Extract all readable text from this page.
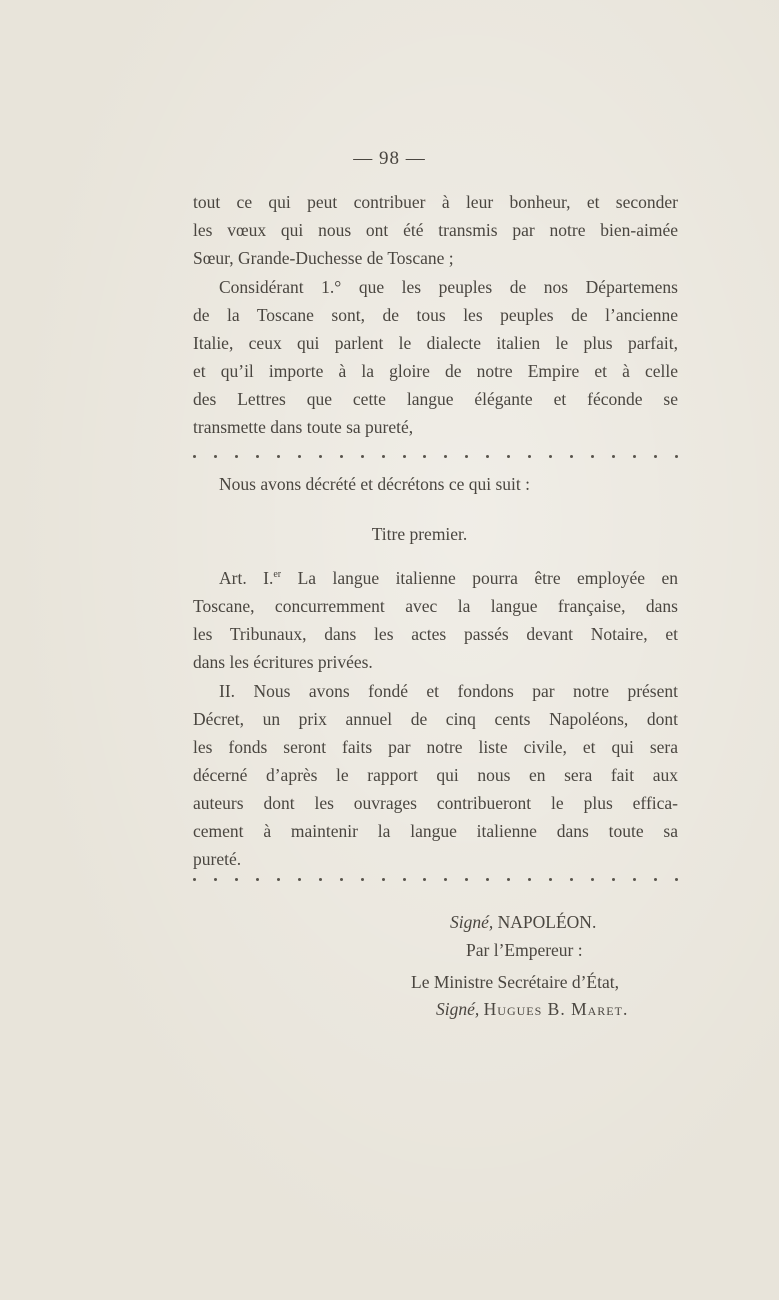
— 98 —
tout ce qui peut contribuer à leur bonheur, et seconder
les vœux qui nous ont été transmis par notre bien-aimée
Sœur, Grande-Duchesse de Toscane ;
Considérant 1.° que les peuples de nos Départemens
de la Toscane sont, de tous les peuples de l’ancienne
Italie, ceux qui parlent le dialecte italien le plus parfait,
et qu’il importe à la gloire de notre Empire et à celle
des Lettres que cette langue élégante et féconde se
transmette dans toute sa pureté,
Nous avons décrété et décrétons ce qui suit :
Titre premier.
Art. I.$^{er}$ La langue italienne pourra être employée en
Toscane, concurremment avec la langue française, dans
les Tribunaux, dans les actes passés devant Notaire, et
dans les écritures privées.
II. Nous avons fondé et fondons par notre présent
Décret, un prix annuel de cinq cents Napoléons, dont
les fonds seront faits par notre liste civile, et qui sera
décerné d’après le rapport qui nous en sera fait aux
auteurs dont les ouvrages contribueront le plus effica-
cement à maintenir la langue italienne dans toute sa
pureté.
Signé, NAPOLÉON.
Par l’Empereur :
Le Ministre Secrétaire d’État,
Signé, Hugues B. Maret.
